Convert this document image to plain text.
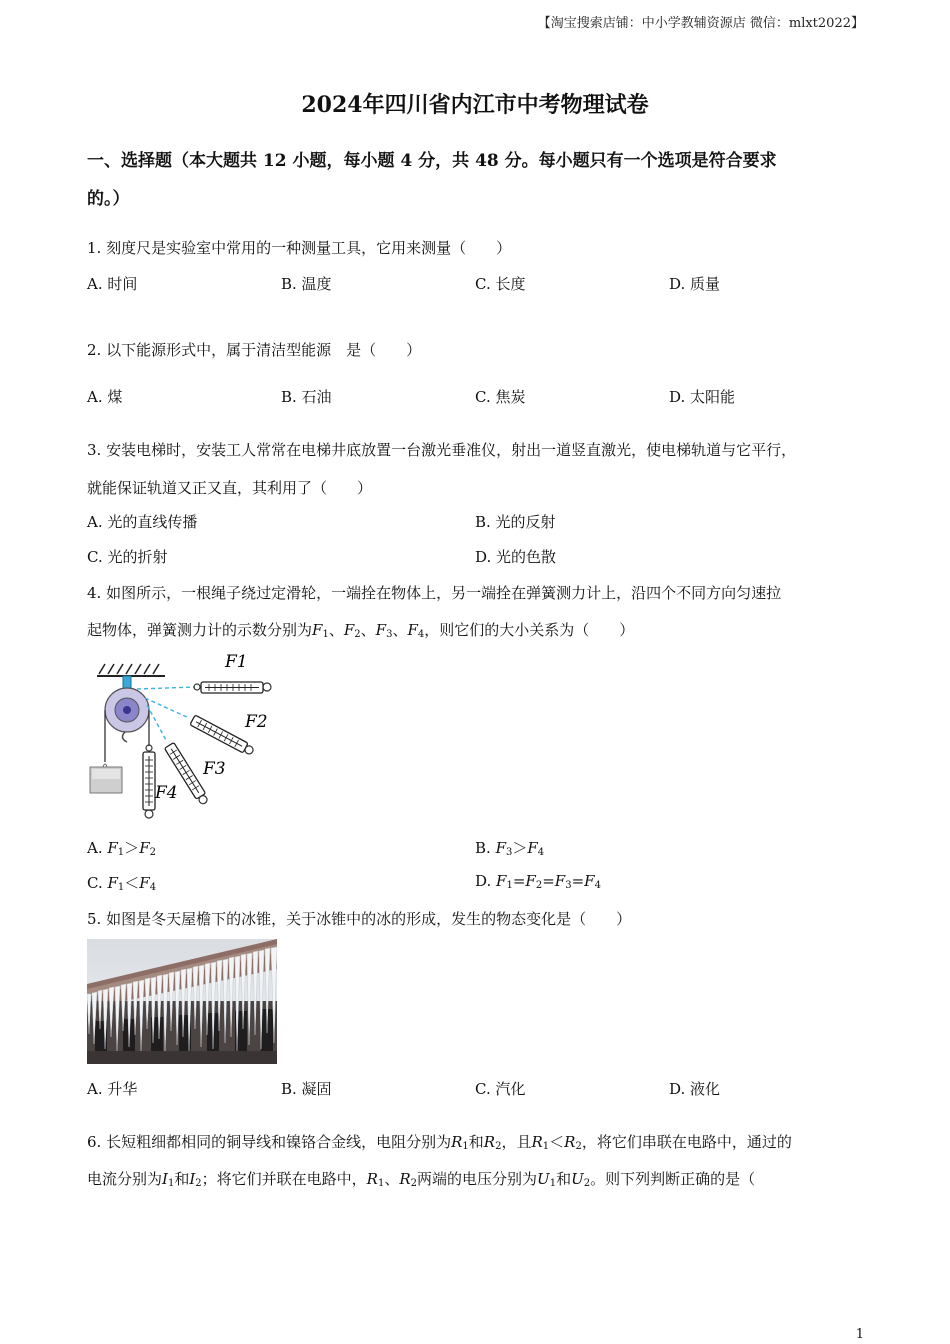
【淘宝搜索店铺：中小学教辅资源店 微信：mlxt2022】
2024年四川省内江市中考物理试卷
一、选择题（本大题共 12 小题，每小题 4 分，共 48 分。每小题只有一个选项是符合要求
的。）
1. 刻度尺是实验室中常用的一种测量工具，它用来测量（　　）
A. 时间	B. 温度	C. 长度	D. 质量
2. 以下能源形式中，属于清洁型能源　是（　　）
A. 煤	B. 石油	C. 焦炭	D. 太阳能
3. 安装电梯时，安装工人常常在电梯井底放置一台激光垂准仪，射出一道竖直激光，使电梯轨道与它平行，
就能保证轨道又正又直，其利用了（　　）
A. 光的直线传播	B. 光的反射
C. 光的折射	D. 光的色散
4. 如图所示，一根绳子绕过定滑轮，一端拴在物体上，另一端拴在弹簧测力计上，沿四个不同方向匀速拉
起物体，弹簧测力计的示数分别为$F_1$、$F_2$、$F_3$、$F_4$，则它们的大小关系为（　　）
F1
F2
F3
F4
A. $F_1>F_2$	B. $F_3>F_4$
C. $F_1<F_4$	D. $F_1=F_2=F_3=F_4$
5. 如图是冬天屋檐下的冰锥，关于冰锥中的冰的形成，发生的物态变化是（　　）
A. 升华	B. 凝固	C. 汽化	D. 液化
6. 长短粗细都相同的铜导线和镍铬合金线，电阻分别为$R_1$和$R_2$，且$R_1<R_2$，将它们串联在电路中，通过的
电流分别为$I_1$和$I_2$；将它们并联在电路中，$R_1$、$R_2$两端的电压分别为$U_1$和$U_2$。则下列判断正确的是（
1
